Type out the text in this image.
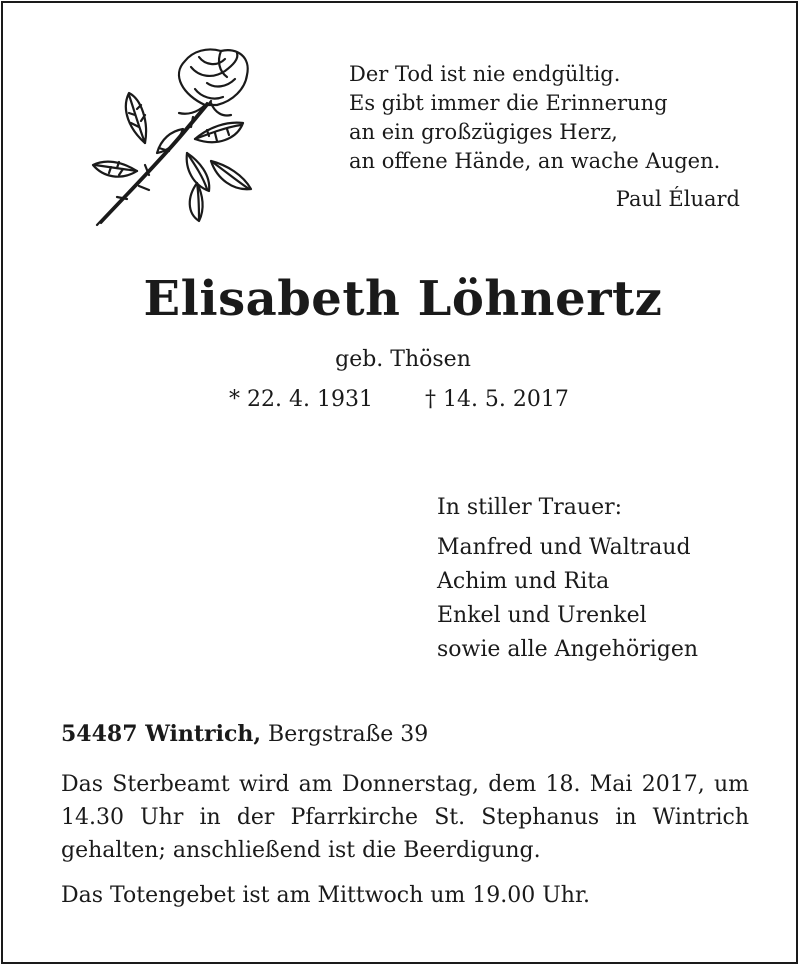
Der Tod ist nie endgültig.
Es gibt immer die Erinnerung
an ein großzügiges Herz,
an offene Hände, an wache Augen.
Paul Éluard
Elisabeth Löhnertz
geb. Thösen
* 22. 4. 1931 † 14. 5. 2017
In stiller Trauer:
Manfred und Waltraud
Achim und Rita
Enkel und Urenkel
sowie alle Angehörigen
54487 Wintrich, Bergstraße 39
Das Sterbeamt wird am Donnerstag, dem 18. Mai 2017, um 14.30 Uhr in der Pfarrkirche St. Stephanus in Wintrich gehalten; anschließend ist die Beerdigung.
Das Totengebet ist am Mittwoch um 19.00 Uhr.
